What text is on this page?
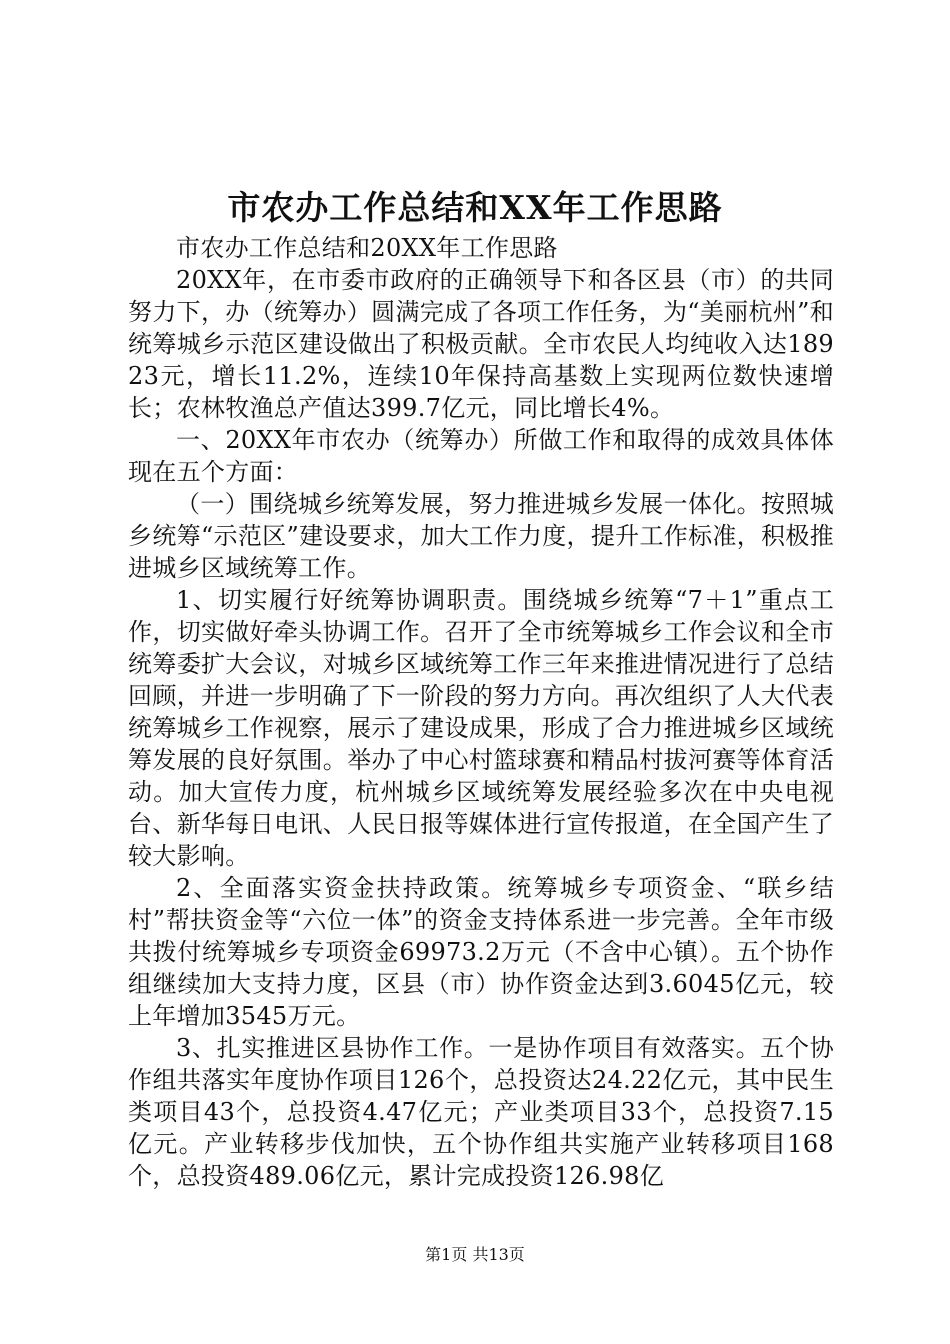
市农办工作总结和XX年工作思路

市农办工作总结和20XX年工作思路

20XX年，在市委市政府的正确领导下和各区县（市）的共同努力下，办（统筹办）圆满完成了各项工作任务，为“美丽杭州”和统筹城乡示范区建设做出了积极贡献。全市农民人均纯收入达18923元，增长11.2%，连续10年保持高基数上实现两位数快速增长；农林牧渔总产值达399.7亿元，同比增长4%。

一、20XX年市农办（统筹办）所做工作和取得的成效具体体现在五个方面：

（一）围绕城乡统筹发展，努力推进城乡发展一体化。按照城乡统筹“示范区”建设要求，加大工作力度，提升工作标准，积极推进城乡区域统筹工作。

1、切实履行好统筹协调职责。围绕城乡统筹“7＋1”重点工作，切实做好牵头协调工作。召开了全市统筹城乡工作会议和全市统筹委扩大会议，对城乡区域统筹工作三年来推进情况进行了总结回顾，并进一步明确了下一阶段的努力方向。再次组织了人大代表统筹城乡工作视察，展示了建设成果，形成了合力推进城乡区域统筹发展的良好氛围。举办了中心村篮球赛和精品村拔河赛等体育活动。加大宣传力度，杭州城乡区域统筹发展经验多次在中央电视台、新华每日电讯、人民日报等媒体进行宣传报道，在全国产生了较大影响。

2、全面落实资金扶持政策。统筹城乡专项资金、“联乡结村”帮扶资金等“六位一体”的资金支持体系进一步完善。全年市级共拨付统筹城乡专项资金69973.2万元（不含中心镇）。五个协作组继续加大支持力度，区县（市）协作资金达到3.6045亿元，较上年增加3545万元。

3、扎实推进区县协作工作。一是协作项目有效落实。五个协作组共落实年度协作项目126个，总投资达24.22亿元，其中民生类项目43个，总投资4.47亿元；产业类项目33个，总投资7.15亿元。产业转移步伐加快，五个协作组共实施产业转移项目168个，总投资489.06亿元，累计完成投资126.98亿

第1页 共13页
